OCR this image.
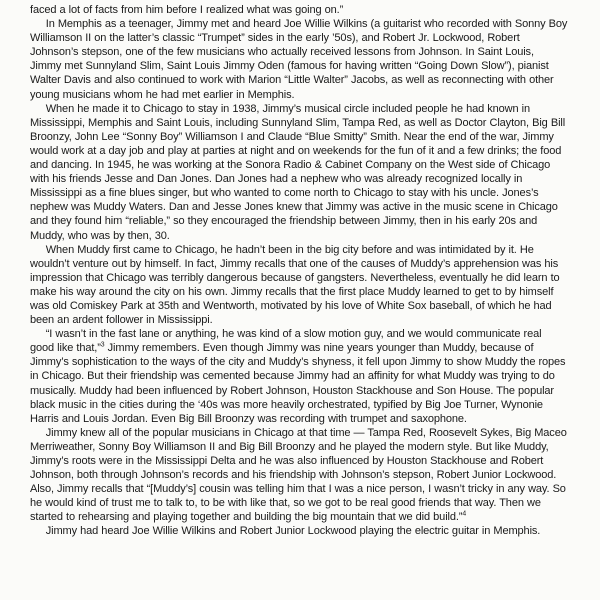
faced a lot of facts from him before I realized what was going on.”

In Memphis as a teenager, Jimmy met and heard Joe Willie Wilkins (a guitarist who recorded with Sonny Boy Williamson II on the latter’s classic “Trumpet” sides in the early ’50s), and Robert Jr. Lockwood, Robert Johnson’s stepson, one of the few musicians who actually received lessons from Johnson. In Saint Louis, Jimmy met Sunnyland Slim, Saint Louis Jimmy Oden (famous for having written “Going Down Slow”), pianist Walter Davis and also continued to work with Marion “Little Walter” Jacobs, as well as reconnecting with other young musicians whom he had met earlier in Memphis.

When he made it to Chicago to stay in 1938, Jimmy’s musical circle included people he had known in Mississippi, Memphis and Saint Louis, including Sunnyland Slim, Tampa Red, as well as Doctor Clayton, Big Bill Broonzy, John Lee “Sonny Boy” Williamson I and Claude “Blue Smitty” Smith. Near the end of the war, Jimmy would work at a day job and play at parties at night and on weekends for the fun of it and a few drinks; the food and dancing. In 1945, he was working at the Sonora Radio & Cabinet Company on the West side of Chicago with his friends Jesse and Dan Jones. Dan Jones had a nephew who was already recognized locally in Mississippi as a fine blues singer, but who wanted to come north to Chicago to stay with his uncle. Jones’s nephew was Muddy Waters. Dan and Jesse Jones knew that Jimmy was active in the music scene in Chicago and they found him “reliable,” so they encouraged the friendship between Jimmy, then in his early 20s and Muddy, who was by then, 30.

When Muddy first came to Chicago, he hadn’t been in the big city before and was intimidated by it. He wouldn’t venture out by himself. In fact, Jimmy recalls that one of the causes of Muddy’s apprehension was his impression that Chicago was terribly dangerous because of gangsters. Nevertheless, eventually he did learn to make his way around the city on his own. Jimmy recalls that the first place Muddy learned to get to by himself was old Comiskey Park at 35th and Wentworth, motivated by his love of White Sox baseball, of which he had been an ardent follower in Mississippi.

“I wasn’t in the fast lane or anything, he was kind of a slow motion guy, and we would communicate real good like that,”$^3$ Jimmy remembers. Even though Jimmy was nine years younger than Muddy, because of Jimmy’s sophistication to the ways of the city and Muddy’s shyness, it fell upon Jimmy to show Muddy the ropes in Chicago. But their friendship was cemented because Jimmy had an affinity for what Muddy was trying to do musically. Muddy had been influenced by Robert Johnson, Houston Stackhouse and Son House. The popular black music in the cities during the ‘40s was more heavily orchestrated, typified by Big Joe Turner, Wynonie Harris and Louis Jordan. Even Big Bill Broonzy was recording with trumpet and saxophone.

Jimmy knew all of the popular musicians in Chicago at that time — Tampa Red, Roosevelt Sykes, Big Maceo Merriweather, Sonny Boy Williamson II and Big Bill Broonzy and he played the modern style. But like Muddy, Jimmy’s roots were in the Mississippi Delta and he was also influenced by Houston Stackhouse and Robert Johnson, both through Johnson’s records and his friendship with Johnson’s stepson, Robert Junior Lockwood. Also, Jimmy recalls that “[Muddy’s] cousin was telling him that I was a nice person, I wasn’t tricky in any way. So he would kind of trust me to talk to, to be with like that, so we got to be real good friends that way. Then we started to rehearsing and playing together and building the big mountain that we did build.”$^4$

Jimmy had heard Joe Willie Wilkins and Robert Junior Lockwood playing the electric guitar in Memphis.
